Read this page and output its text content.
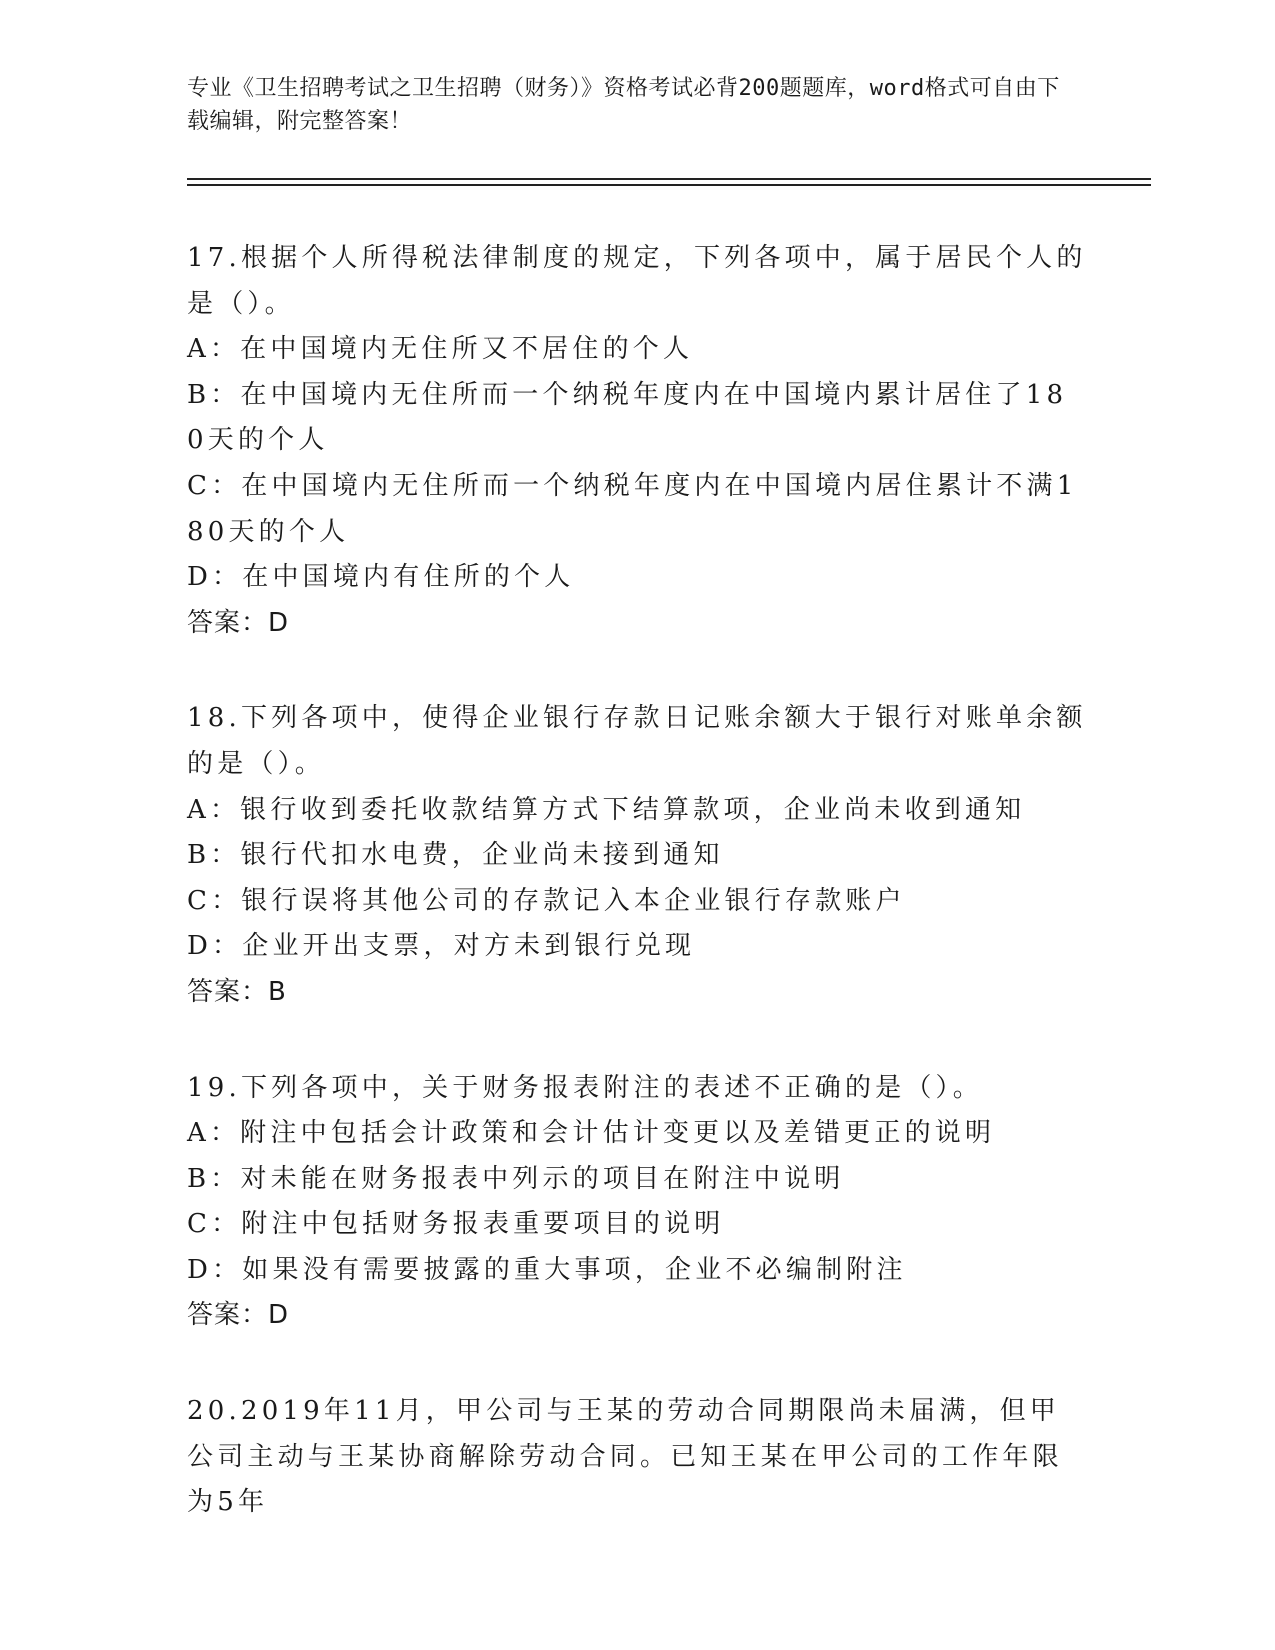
专业《卫生招聘考试之卫生招聘（财务）》资格考试必背200题题库，word格式可自由下载编辑，附完整答案！
17.根据个人所得税法律制度的规定，下列各项中，属于居民个人的是（）。
A：在中国境内无住所又不居住的个人
B：在中国境内无住所而一个纳税年度内在中国境内累计居住了180天的个人
C：在中国境内无住所而一个纳税年度内在中国境内居住累计不满180天的个人
D：在中国境内有住所的个人
答案：D
18.下列各项中，使得企业银行存款日记账余额大于银行对账单余额的是（）。
A：银行收到委托收款结算方式下结算款项，企业尚未收到通知
B：银行代扣水电费，企业尚未接到通知
C：银行误将其他公司的存款记入本企业银行存款账户
D：企业开出支票，对方未到银行兑现
答案：B
19.下列各项中，关于财务报表附注的表述不正确的是（）。
A：附注中包括会计政策和会计估计变更以及差错更正的说明
B：对未能在财务报表中列示的项目在附注中说明
C：附注中包括财务报表重要项目的说明
D：如果没有需要披露的重大事项，企业不必编制附注
答案：D
20.2019年11月，甲公司与王某的劳动合同期限尚未届满，但甲公司主动与王某协商解除劳动合同。已知王某在甲公司的工作年限为5年
